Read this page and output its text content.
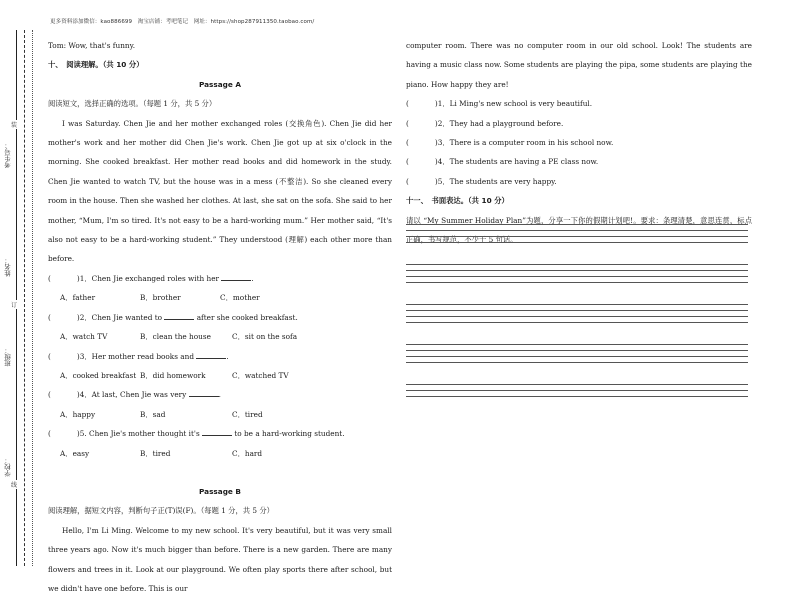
更多资料添加微信：kao886699　淘宝店铺：考吧笔记　网址：https://shop287911350.taobao.com/
考生号：
姓名：
班级：
学校：
装
订
线

Tom: Wow, that's funny.

十、　阅读理解。（共 10 分）

Passage A

阅读短文，选择正确的选项。（每题 1 分，共 5 分）

I was Saturday. Chen Jie and her mother exchanged roles (交换角色). Chen Jie did her mother's work and her mother did Chen Jie's work. Chen Jie got up at six o'clock in the morning. She cooked breakfast. Her mother read books and did homework in the study. Chen Jie wanted to watch TV, but the house was in a mess (不整洁). So she cleaned every room in the house. Then she washed her clothes. At last, she sat on the sofa. She said to her mother, “Mum, I'm so tired. It's not easy to be a hard-working mum.” Her mother said, “It's also not easy to be a hard-working student.” They understood (理解) each other more than before.

(	)1．Chen Jie exchanged roles with her	.

A．father	B．brother	C．mother

(	)2．Chen Jie wanted to	after she cooked breakfast.

A．watch TV	B．clean the house	C．sit on the sofa

(	)3．Her mother read books and	.

A．cooked breakfast B．did homework	C．watched TV

(	)4．At last, Chen Jie was very	.

A．happy	B．sad	C．tired

(	)5. Chen Jie's mother thought it's	to be a hard-working student.

A．easy	B．tired	C．hard

Passage B

阅读理解，据短文内容，判断句子正(T)误(F)。（每题 1 分，共 5 分）

Hello, I'm Li Ming. Welcome to my new school. It's very beautiful, but it was very small three years ago. Now it's much bigger than before. There is a new garden. There are many flowers and trees in it. Look at our playground. We often play sports there after school, but we didn't have one before. This is our

computer room. There was no computer room in our old school. Look! The students are having a music class now. Some students are playing the pipa, some students are playing the piano. How happy they are!

(	)1．Li Ming's new school is very beautiful.

(	)2．They had a playground before.

(	)3．There is a computer room in his school now.

(	)4．The students are having a PE class now.

(	)5．The students are very happy.

十一、　书面表达。（共 10 分）

请以 “My Summer Holiday Plan”为题，分享一下你的假期计划吧!。要求：条理清楚，意思连贯，标点正确，书写规范，不少于 5 句话。
